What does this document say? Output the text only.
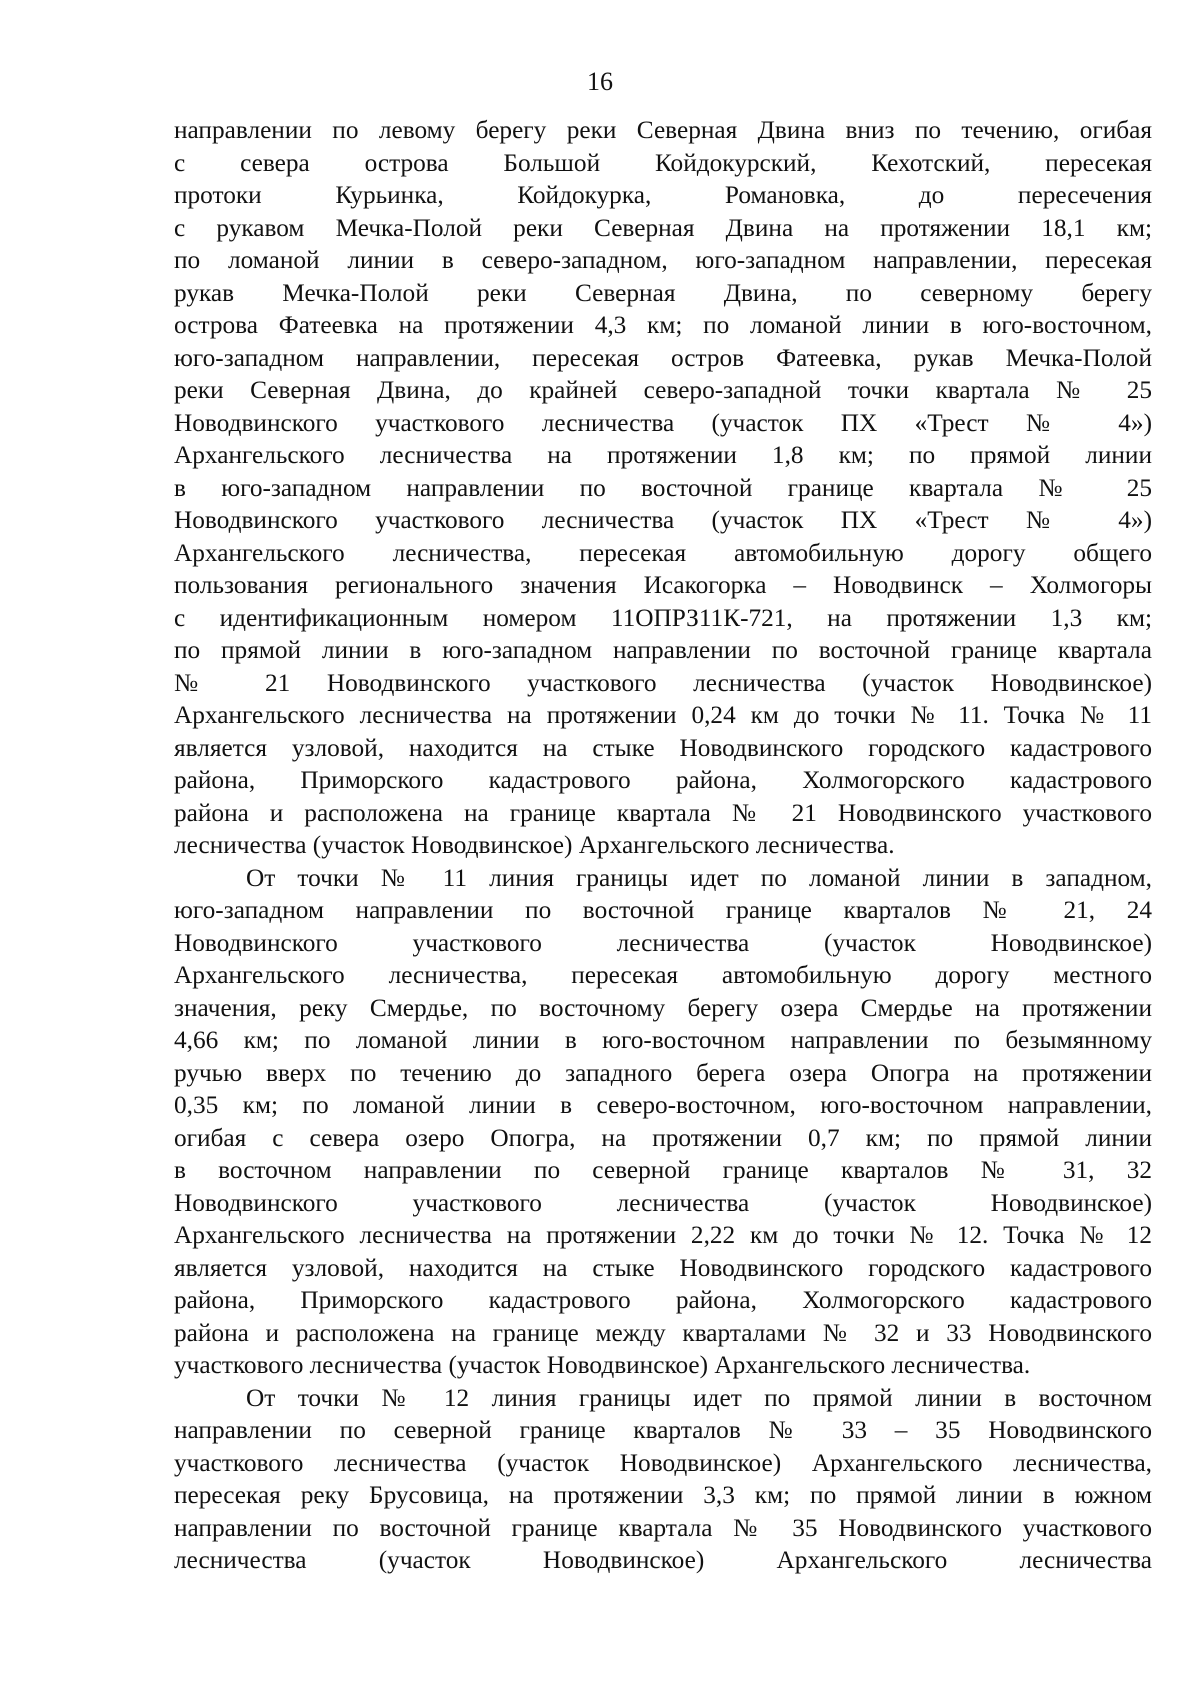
16
направлении по левому берегу реки Северная Двина вниз по течению, огибая
с севера острова Большой Койдокурский, Кехотский, пересекая
протоки Курьинка, Койдокурка, Романовка, до пересечения
с рукавом Мечка-Полой реки Северная Двина на протяжении 18,1 км;
по ломаной линии в северо-западном, юго-западном направлении, пересекая
рукав Мечка-Полой реки Северная Двина, по северному берегу
острова Фатеевка на протяжении 4,3 км; по ломаной линии в юго-восточном,
юго-западном направлении, пересекая остров Фатеевка, рукав Мечка-Полой
реки Северная Двина, до крайней северо-западной точки квартала № 25
Новодвинского участкового лесничества (участок ПХ «Трест № 4»)
Архангельского лесничества на протяжении 1,8 км; по прямой линии
в юго-западном направлении по восточной границе квартала № 25
Новодвинского участкового лесничества (участок ПХ «Трест № 4»)
Архангельского лесничества, пересекая автомобильную дорогу общего
пользования регионального значения Исакогорка – Новодвинск – Холмогоры
с идентификационным номером 11ОПРЗ11К-721, на протяжении 1,3 км;
по прямой линии в юго-западном направлении по восточной границе квартала
№ 21 Новодвинского участкового лесничества (участок Новодвинское)
Архангельского лесничества на протяжении 0,24 км до точки № 11. Точка № 11
является узловой, находится на стыке Новодвинского городского кадастрового
района, Приморского кадастрового района, Холмогорского кадастрового
района и расположена на границе квартала № 21 Новодвинского участкового
лесничества (участок Новодвинское) Архангельского лесничества.
От точки № 11 линия границы идет по ломаной линии в западном,
юго-западном направлении по восточной границе кварталов № 21, 24
Новодвинского участкового лесничества (участок Новодвинское)
Архангельского лесничества, пересекая автомобильную дорогу местного
значения, реку Смердье, по восточному берегу озера Смердье на протяжении
4,66 км; по ломаной линии в юго-восточном направлении по безымянному
ручью вверх по течению до западного берега озера Опогра на протяжении
0,35 км; по ломаной линии в северо-восточном, юго-восточном направлении,
огибая с севера озеро Опогра, на протяжении 0,7 км; по прямой линии
в восточном направлении по северной границе кварталов № 31, 32
Новодвинского участкового лесничества (участок Новодвинское)
Архангельского лесничества на протяжении 2,22 км до точки № 12. Точка № 12
является узловой, находится на стыке Новодвинского городского кадастрового
района, Приморского кадастрового района, Холмогорского кадастрового
района и расположена на границе между кварталами № 32 и 33 Новодвинского
участкового лесничества (участок Новодвинское) Архангельского лесничества.
От точки № 12 линия границы идет по прямой линии в восточном
направлении по северной границе кварталов № 33 – 35 Новодвинского
участкового лесничества (участок Новодвинское) Архангельского лесничества,
пересекая реку Брусовица, на протяжении 3,3 км; по прямой линии в южном
направлении по восточной границе квартала № 35 Новодвинского участкового
лесничества (участок Новодвинское) Архангельского лесничества
